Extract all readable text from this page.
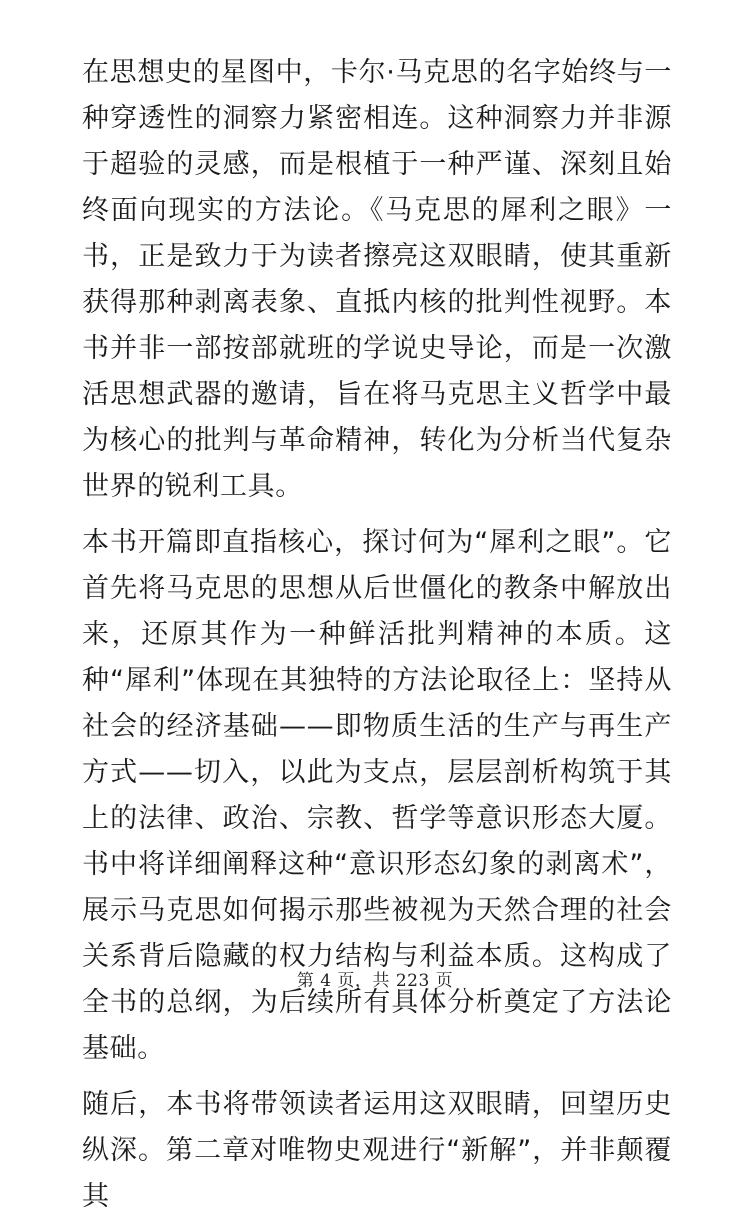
在思想史的星图中，卡尔·马克思的名字始终与一种穿透性的洞察力紧密相连。这种洞察力并非源于超验的灵感，而是根植于一种严谨、深刻且始终面向现实的方法论。《马克思的犀利之眼》一书，正是致力于为读者擦亮这双眼睛，使其重新获得那种剥离表象、直抵内核的批判性视野。本书并非一部按部就班的学说史导论，而是一次激活思想武器的邀请，旨在将马克思主义哲学中最为核心的批判与革命精神，转化为分析当代复杂世界的锐利工具。

本书开篇即直指核心，探讨何为“犀利之眼”。它首先将马克思的思想从后世僵化的教条中解放出来，还原其作为一种鲜活批判精神的本质。这种“犀利”体现在其独特的方法论取径上：坚持从社会的经济基础——即物质生活的生产与再生产方式——切入，以此为支点，层层剖析构筑于其上的法律、政治、宗教、哲学等意识形态大厦。书中将详细阐释这种“意识形态幻象的剥离术”，展示马克思如何揭示那些被视为天然合理的社会关系背后隐藏的权力结构与利益本质。这构成了全书的总纲，为后续所有具体分析奠定了方法论基础。

随后，本书将带领读者运用这双眼睛，回望历史纵深。第二章对唯物史观进行“新解”，并非颠覆其

第 4 页，共 223 页
